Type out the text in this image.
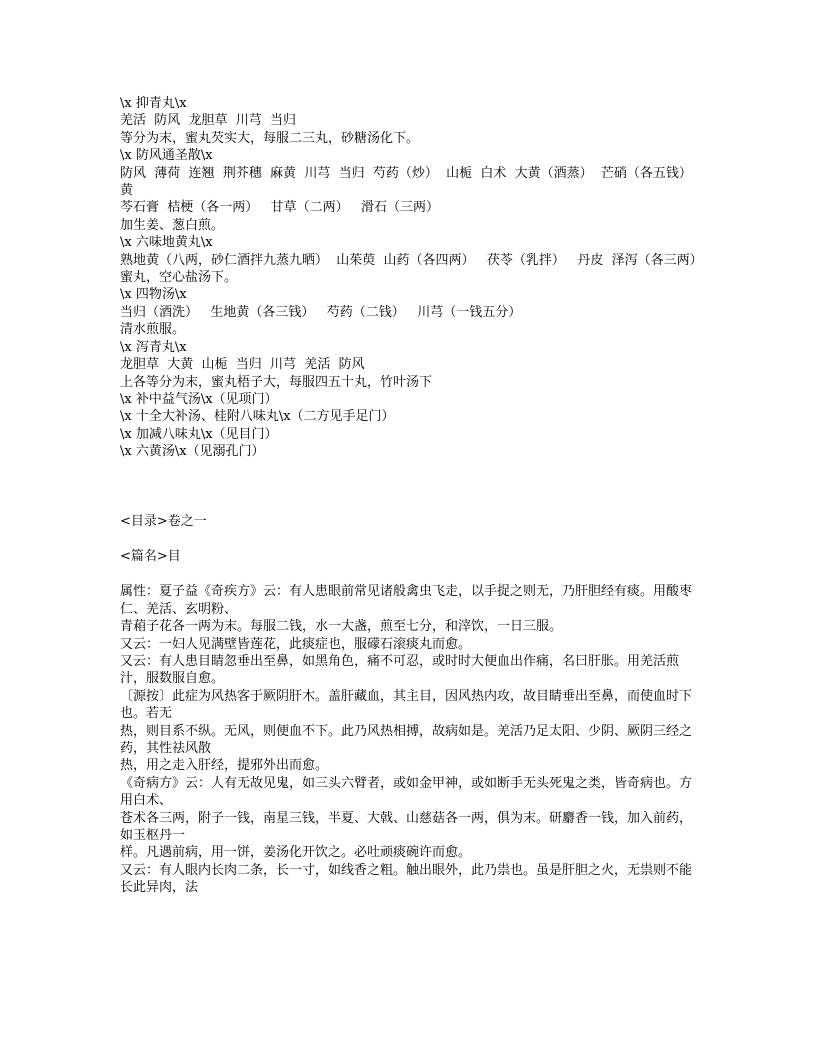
\x 抑青丸\x

羌活  防风  龙胆草  川芎  当归

等分为末，蜜丸芡实大，每服二三丸，砂糖汤化下。

\x 防风通圣散\x

防风  薄荷  连翘  荆芥穗  麻黄  川芎  当归  芍药（炒）  山栀  白术  大黄（酒蒸）  芒硝（各五钱）  黄

芩石膏  桔梗（各一两）   甘草（二两）   滑石（三两）

加生姜、葱白煎。

\x 六味地黄丸\x

熟地黄（八两，砂仁酒拌九蒸九晒）  山茱萸  山药（各四两）   茯苓（乳拌）   丹皮  泽泻（各三两）

蜜丸，空心盐汤下。

\x 四物汤\x

当归（酒洗）   生地黄（各三钱）   芍药（二钱）   川芎（一钱五分）

清水煎服。

\x 泻青丸\x

龙胆草  大黄  山栀  当归  川芎  羌活  防风

上各等分为末，蜜丸梧子大，每服四五十丸，竹叶汤下

\x 补中益气汤\x（见项门）

\x 十全大补汤、桂附八味丸\x（二方见手足门）

\x 加减八味丸\x（见目门）

\x 六黄汤\x（见溺孔门）

<目录>卷之一

<篇名>目

属性：夏子益《奇疾方》云：有人患眼前常见诸般禽虫飞走，以手捉之则无，乃肝胆经有痰。用酸枣仁、羌活、玄明粉、

青葙子花各一两为末。每服二钱，水一大盏，煎至七分，和滓饮，一日三服。

又云：一妇人见满壁皆莲花，此痰症也，服礞石滚痰丸而愈。

又云：有人患目睛忽垂出至鼻，如黑角色，痛不可忍，或时时大便血出作痛，名曰肝胀。用羌活煎汁，服数服自愈。

〔源按〕此症为风热客于厥阴肝木。盖肝藏血，其主目，因风热内攻，故目睛垂出至鼻，而使血时下也。若无

热，则目系不纵。无风，则便血不下。此乃风热相搏，故病如是。羌活乃足太阳、少阴、厥阴三经之药，其性祛风散

热，用之走入肝经，提邪外出而愈。

《奇病方》云：人有无故见鬼，如三头六臂者，或如金甲神，或如断手无头死鬼之类，皆奇病也。方用白术、

苍术各三两，附子一钱，南星三钱，半夏、大戟、山慈菇各一两，俱为末。研麝香一钱，加入前药，如玉枢丹一

样。凡遇前病，用一饼，姜汤化开饮之。必吐顽痰碗许而愈。

又云：有人眼内长肉二条，长一寸，如线香之粗。触出眼外，此乃祟也。虽是肝胆之火，无祟则不能长此异肉，法
